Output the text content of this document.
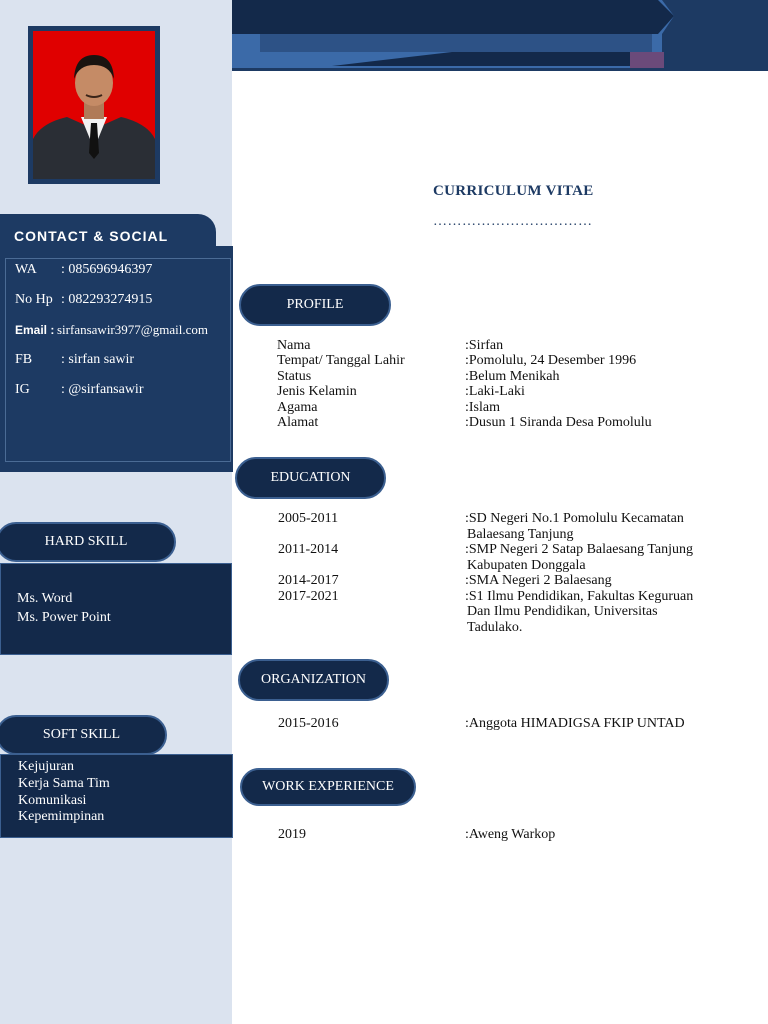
CONTACT & SOCIAL
WA : 085696946397
No Hp : 082293274915
Email : sirfansawir3977@gmail.com
FB : sirfan sawir
IG : @sirfansawir
HARD SKILL
Ms. Word
Ms. Power Point
SOFT SKILL
Kejujuran
Kerja Sama Tim
Komunikasi
Kepemimpinan
CURRICULUM VITAE
……………………………
PROFILE
Nama	:Sirfan
Tempat/ Tanggal Lahir	:Pomolulu, 24 Desember 1996
Status	:Belum Menikah
Jenis Kelamin	:Laki-Laki
Agama	:Islam
Alamat	:Dusun 1 Siranda Desa Pomolulu
EDUCATION
2005-2011	:SD Negeri No.1 Pomolulu Kecamatan
Balaesang Tanjung
2011-2014	:SMP Negeri 2 Satap Balaesang Tanjung
Kabupaten Donggala
2014-2017	:SMA Negeri 2 Balaesang
2017-2021	:S1 Ilmu Pendidikan, Fakultas Keguruan
Dan Ilmu Pendidikan, Universitas
Tadulako.
ORGANIZATION
2015-2016	:Anggota HIMADIGSA FKIP UNTAD
WORK EXPERIENCE
2019	:Aweng Warkop
